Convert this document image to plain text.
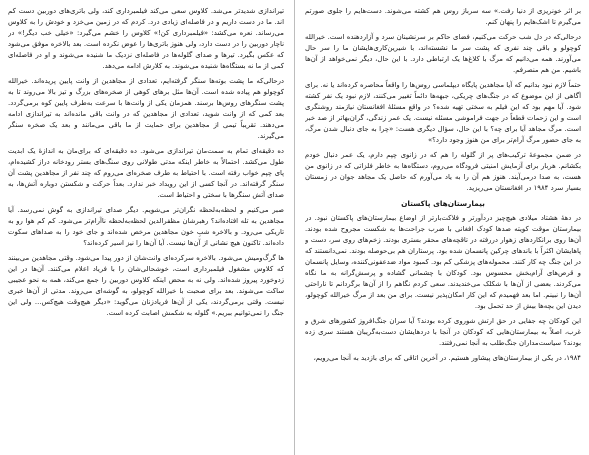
تیراندازی شدیدتر می‌شد. کلاوس سعی می‌کند فیلمبرداری کند، ولی باتری‌های دوربین دست کم اند. ما در دست داریم و در فاصله‌ای زیادی درد. کردم که در زمین می‌خزد و خودش را به کلاوس می‌رساند. نعره می‌کشد: «فیلمبرداری کن!» کلاوس را خشم می‌گیرد: «خیلی خب دیگر!» در ناچار دوربین را در دست دارد، ولی هنوز باتری‌ها را عوض نکرده است. بعد بالاخره موفق می‌شود که عکس بگیرد. تیرها و صدای گلوله‌ها در فاصله‌ای نزدیک ما شنیده می‌شوند و او در فاصله‌ای کمی از ما نه بستگاه‌ها شنیده می‌شوند. به کلارش ادامه می‌دهد.

درحالی‌که ما پشت بوته‌ها سنگر گرفته‌ایم، تعدادی از مجاهدین از وانت پایین پریده‌اند. خیرالله کوچولو هم پیاده شده است. آن‌ها مثل برهای کوهی از صخره‌های بزرگ و تیز بالا می‌روند تا به پشت سنگرهای روس‌ها برسند. همزمان یکی از وانت‌ها با سرعت به‌طرف پایین کوه برمی‌گردد. بعد کمی که از وانت شوید، تعدادی از مجاهدین که در وانت باقی مانده‌اند به تیراندازی ادامه می‌دهند. تقریباً تیمی از مجاهدین برای حمایت از ما باقی می‌مانند و بعد یک صخره سنگر می‌گیرند.

ده دقیقه‌ای تمام به سمت‌مان تیراندازی می‌شود. ده دقیقه‌ای که برای‌مان به اندازهٔ یک ابدیت طول می‌کشد. احتمالاً به خاطر اینکه مدتی طولانی روی سنگ‌های بستر رودخانه دراز کشیده‌ام، پای چپم خواب رفته است. با احتیاط به طرف صخره‌ای می‌روم که چند نفر از مجاهدین پشت آن سنگر گرفته‌اند. در آنجا کسی از این رویداد خبر ندارد. بعداً حرکت و شکستن دوباره آتش‌ها، به صدای آتش سنگرها با سختی و احتیاط است.

صبر می‌کنیم و لحظه‌به‌لحظه نگران‌تر می‌شویم. دیگر صدای تیراندازی به گوش نمی‌رسد. آیا مجاهدین به تله افتاده‌اند؟ رهبرشان مظفرالدین لحظه‌به‌لحظه ناآرام‌تر می‌شود. کم کم هوا رو به تاریکی می‌رود. و بالاخره شبِ خون مجاهدین مرخص شده‌اند و جای خود را به صداهای سکوت داده‌اند. تاکنون هیچ نشانی از آن‌ها نیست. آیا آن‌ها را نیز اسیر کرده‌اند؟

ها گرگ‌ومیش می‌شود. بالاخره سرکرده‌ای وانت‌شان از دور پیدا می‌شود. وقتی مجاهدین می‌بینند که کلاوس مشغول فیلمبرداری است، خوشحالی‌شان را با فریاد اعلام می‌کنند. آن‌ها در این زدوخورد پیروز شده‌اند. ولی نه به محض اینکه کلاوس دوربین را جمع می‌کند، همه به نحو عجیبی ساکت می‌شوند. بعد برای صحبت با خیرالله کوچولو، به گوشه‌ای می‌روند. مدتی از آن‌ها خبری نیست. وقتی برمی‌گردند، یکی از آن‌ها فریادزنان می‌گوید: «دیگر هیچ‌وقت هیچ‌کس... ولی این جنگ را نمی‌توانیم ببریم.» گلوله به شکمش اصابت کرده است.

بر اثر خونریزی از دنیا رفت.» سه سرباز روس هم کشته می‌شوند. دست‌هایم را جلوی صورتم می‌گیرم تا اشک‌هایم را پنهان کنم.

درحالی‌که در دل شب حرکت می‌کنیم، فضای حاکم بر سرنشینان سرد و آزاردهنده است. خیرالله کوچولو و باقی چند نفری که پشت سر ما نشسته‌اند، با شیرین‌کاری‌هایشان ما را سر حال می‌آورند. همه می‌دانیم که مرگ با کلاغ‌ها یک ارتباطی دارد. با این حال، دیگر نمی‌خواهد از آن‌ها باشیم. من هم منصرفم.

حتماً لازم نبود بدانیم که آیا مجاهدین پایگاه دیپلماسی روس‌ها را واقعاً محاصره کرده‌اند یا نه. برای آگاهی از این موضوع که در جنگ‌های چریکی، جبهه‌ها دائماً تغییر می‌کنند، لازم نبود یک نفر کشته شود. آیا مهم بود که این فیلم به سختی تهیه شده؟ در واقع مسئلهٔ افغانستان نیازمند روشنگری است و این زحمات قطعاً در جهت فراموشی مسئله نیست. یک عمر زندگی، گران‌بهاتر از صد خبر است. مرگ مجاهد آیا برای چه؟ با این حال، سؤال دیگری هست: «چرا به جای دنبال شدن مرگ، به جای حضور مرگ آرام‌تر برای من هنوز وجود دارد؟»

در ضمن مجموعهٔ ترکیب‌های پر از گلوله را هم که در زانوی چپم دارم، یک عمر دنبال خودم بکشانم. هربار برای آزمایش امنیتی فرودگاه می‌روم، دستگاه‌ها به خاطر فلزاتی که در زانوی من هست، به صدا درمی‌آیند. هنوز هم آن را به یاد می‌آورم که حاصل یک مجاهد جوان در زمستان بسیار سرد ۱۹۸۴ در افغانستان می‌ریزید.

بیمارستان‌های پاکستان

در دههٔ هشتاد میلادی هیچ‌چیز دردآورتر و فلاکت‌بارتر از اوضاع بیمارستان‌های پاکستان نبود. در بیمارستان موقت کویته صدها کودک افغانی با ضرب جراحت‌ها به شکست مجروح شده بودند. آن‌ها روی برانکاردهای زهوار دررفته در تاقچه‌های محقر بستری بودند. زخم‌های روی سر، دست و پاهایشان اکثراً با باندهای چرکین پانسمان شده بود. پرستاران هم بی‌حوصله بودند. نمی‌دانستند که در این جنگ چه کار کنند. محموله‌های پزشکی کم بود. کمبود مواد ضدعفونی‌کننده، وسایل پانسمان و قرص‌های آرام‌بخش محسوس بود. کودکان با چشمانی گشاده و پرسش‌گرانه به ما نگاه می‌کردند. بعضی از آن‌ها با شکلک می‌خندیدند. سعی کردم نگاهم را از آن‌ها برگردانم تا ناراحتی آن‌ها را نبینم. اما بعد فهمیدم که این کار امکان‌پذیر نیست. برای من بعد از مرگ خیرالله کوچولو، دیدن این بچه‌ها بیش از حد تحمل بود.

این کودکان چه جفایی در حق ارتش شوروی کرده بودند؟ آیا سران جنگ‌افروز کشورهای شرق و غرب، اصلاً به بیمارستان‌هایی که کودکان در آنجا با دردهایشان دست‌به‌گریبان هستند سری زده بودند؟ سیاست‌مداران جنگ‌طلب به آنجا نمی‌رفتند.

۱۹۸۴، در یکی از بیمارستان‌های پیشاور هستیم. در آخرین اتاقی که برای بازدید به آنجا می‌رویم،
